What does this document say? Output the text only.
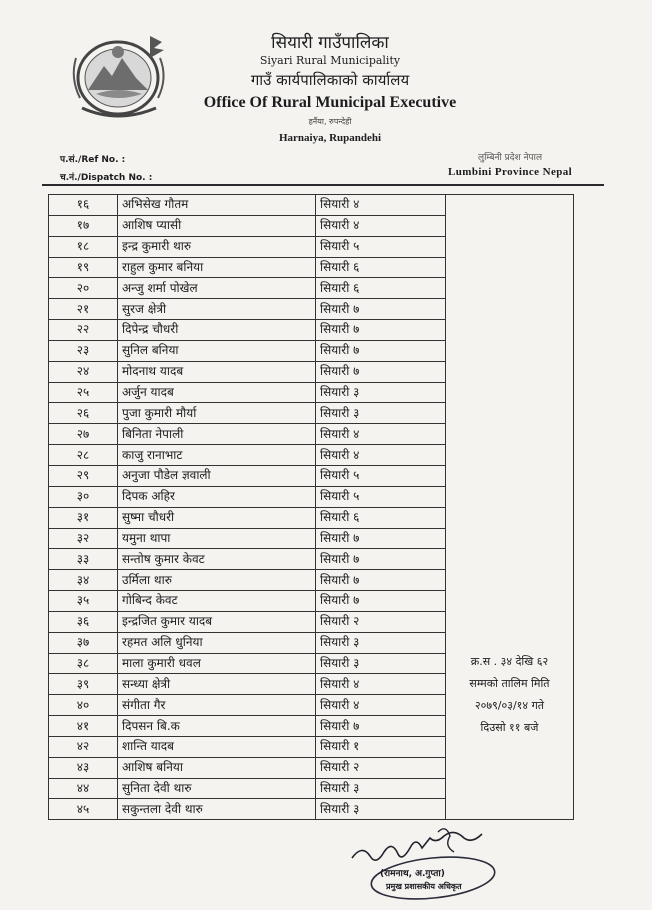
सियारी गाउँपालिका
Siyari Rural Municipality
गाउँ कार्यपालिकाको कार्यालय
Office Of Rural Municipal Executive
हर्नैया, रुपन्देही
Harnaiya, Rupandehi
प.सं./Ref No. :
च.नं./Dispatch No. :
लुम्बिनी प्रदेश नेपाल
Lumbini Province Nepal
१६	अभिसेख गौतम	सियारी ४	
१७	आशिष प्यासी	सियारी ४	
१८	इन्द्र कुमारी थारु	सियारी ५	
१९	राहुल कुमार बनिया	सियारी ६	
२०	अन्जु शर्मा पोखेल	सियारी ६	
२१	सुरज क्षेत्री	सियारी ७	
२२	दिपेन्द्र चौधरी	सियारी ७	
२३	सुनिल बनिया	सियारी ७	
२४	मोदनाथ यादब	सियारी ७	
२५	अर्जुन यादब	सियारी ३	
२६	पुजा कुमारी मौर्या	सियारी ३	
२७	बिनिता नेपाली	सियारी ४	
२८	काजु रानाभाट	सियारी ४	
२९	अनुजा पौडेल ज्ञवाली	सियारी ५	
३०	दिपक अहिर	सियारी ५	
३१	सुष्मा चौधरी	सियारी ६	
३२	यमुना थापा	सियारी ७	
३३	सन्तोष कुमार केवट	सियारी ७	
३४	उर्मिला थारु	सियारी ७	क्र.स . ३४ देखि ६२
सम्मको तालिम मिति
२०७९/०३/१४ गते
दिउसो ११ बजे
३५	गोबिन्द केवट	सियारी ७	
३६	इन्द्रजित कुमार यादब	सियारी २	
३७	रहमत अलि धुनिया	सियारी ३	
३८	माला कुमारी धवल	सियारी ३	
३९	सन्ध्या क्षेत्री	सियारी ४	
४०	संगीता गैर	सियारी ४	
४१	दिपसन बि.क	सियारी ७	
४२	शान्ति यादब	सियारी १	
४३	आशिष बनिया	सियारी २	
४४	सुनिता देवी थारु	सियारी ३	
४५	सकुन्तला देवी थारु	सियारी ३	
(रामनाथ, अ.गुप्ता)
प्रमुख प्रशासकीय अधिकृत
